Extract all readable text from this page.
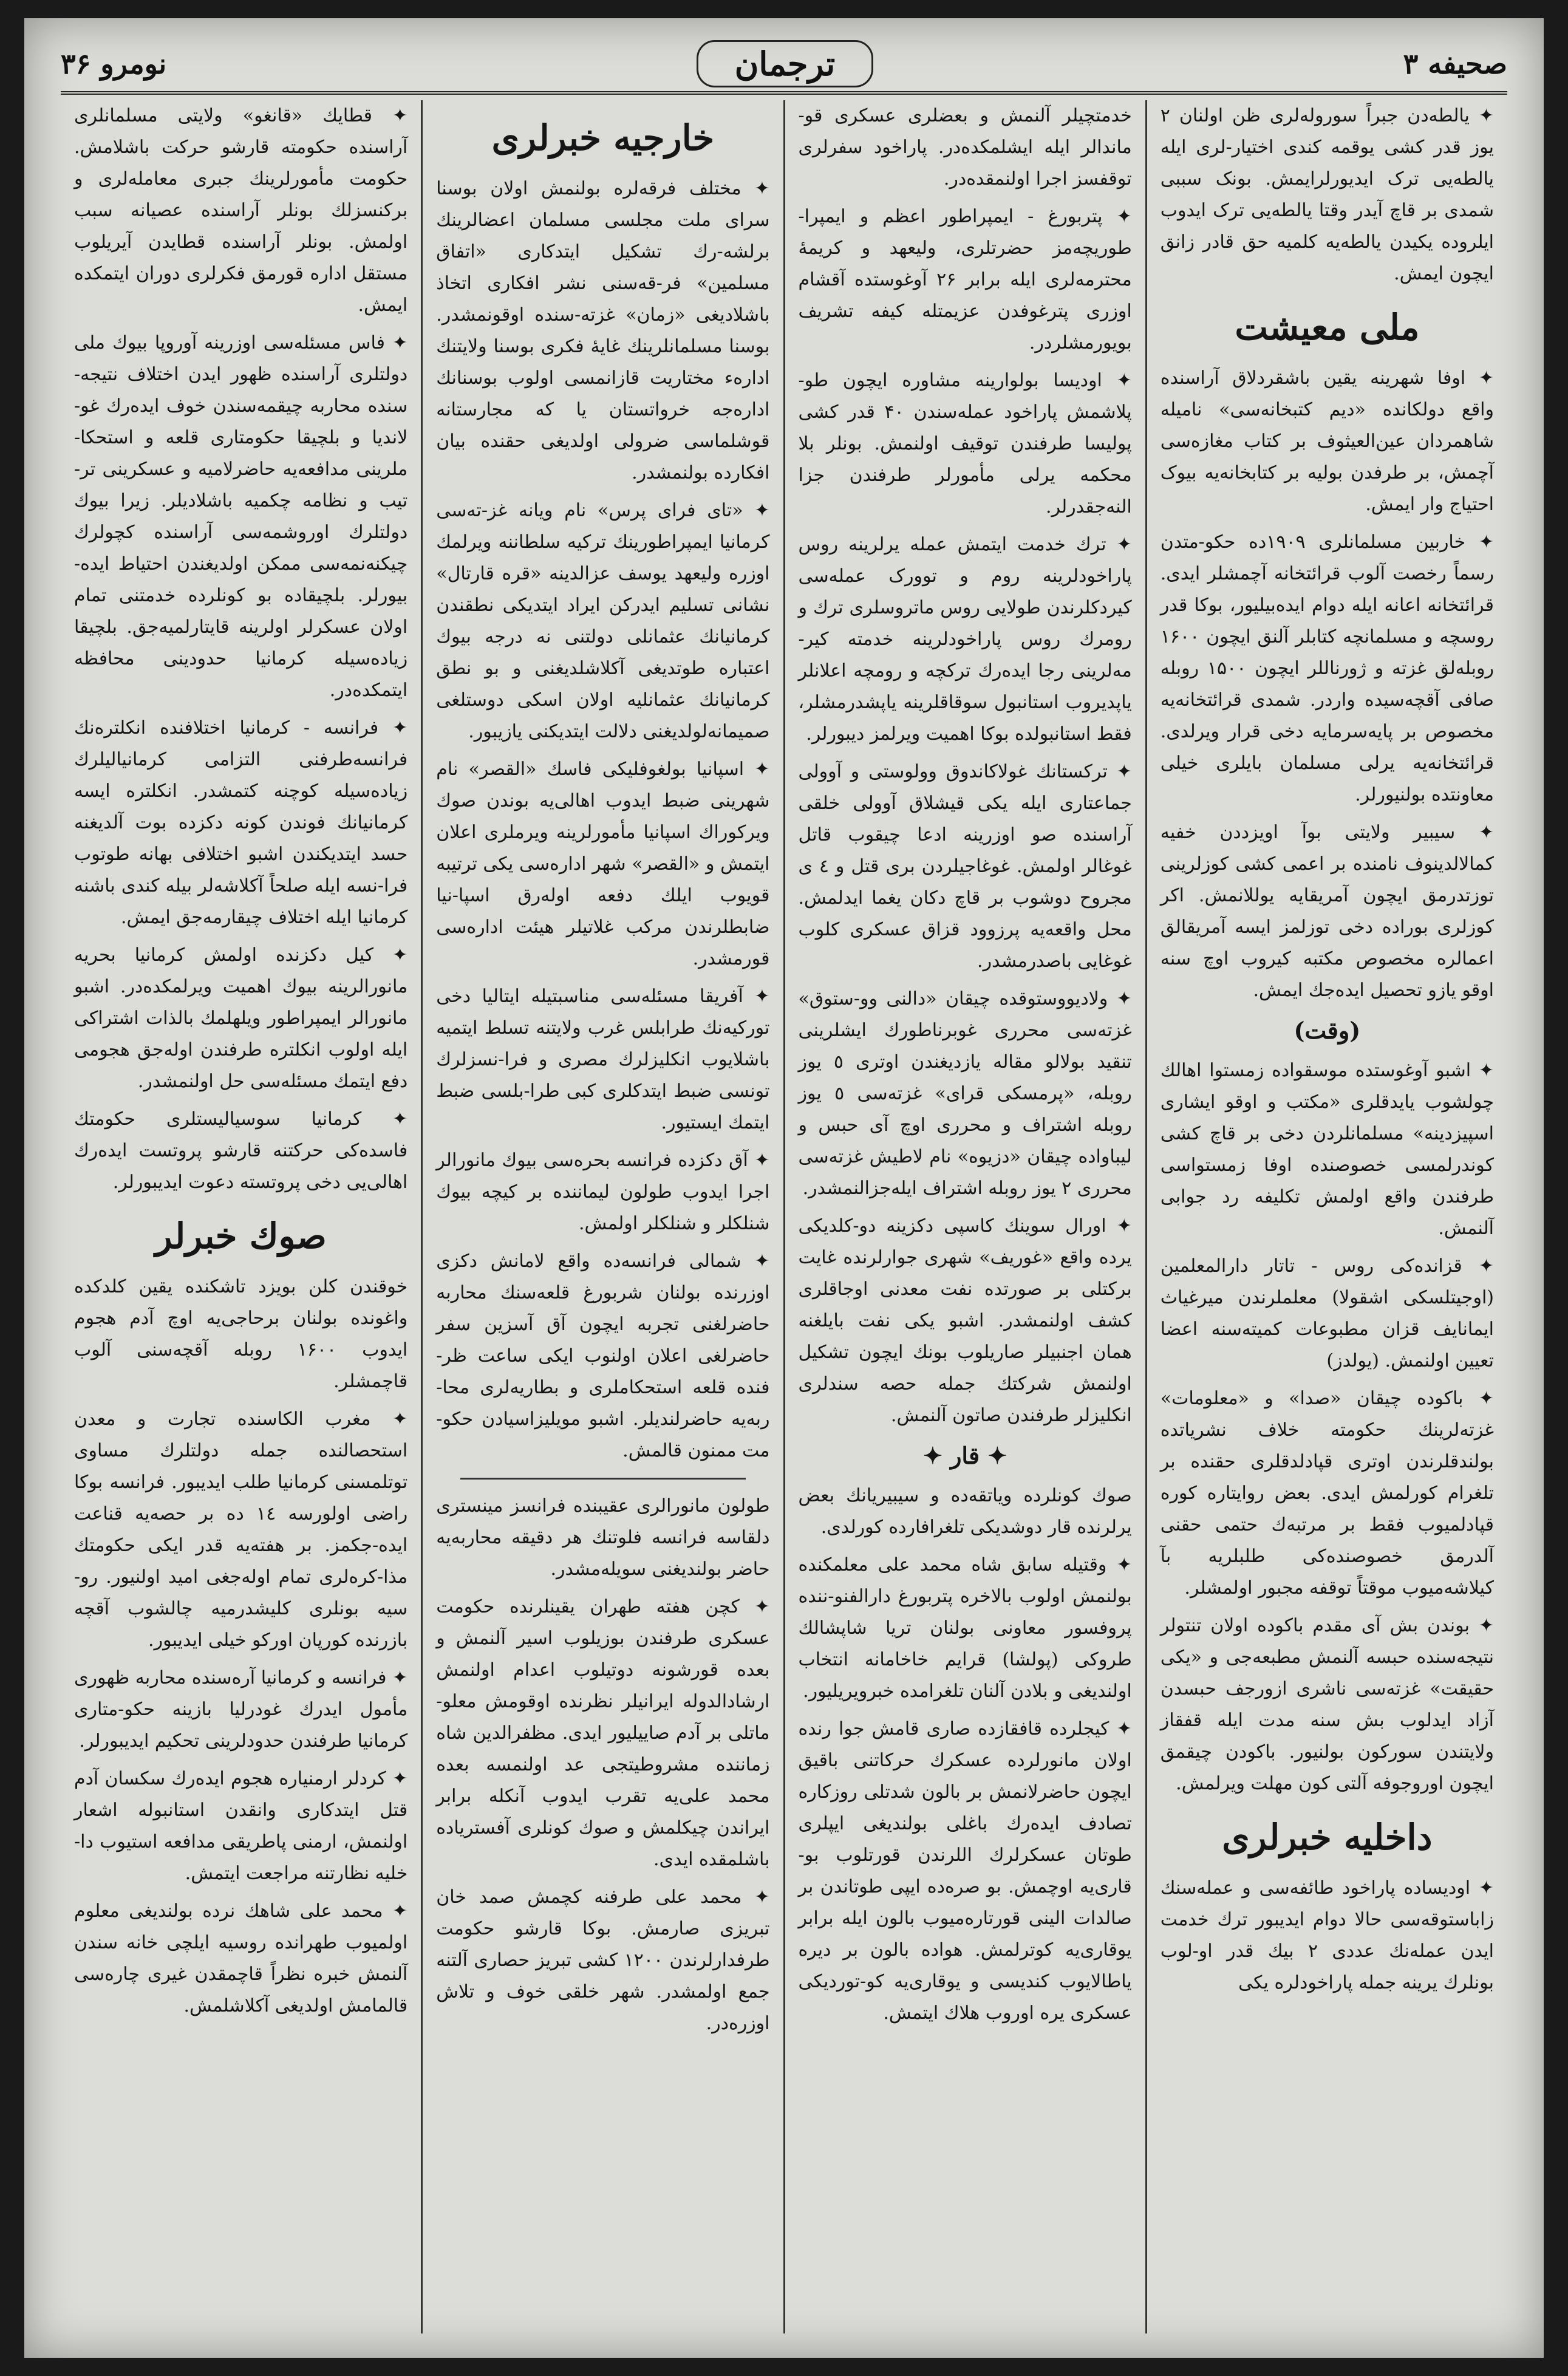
نومرو ۳۶	ترجمان	صحیفه ۳

✦ یالطه‌دن جبراً سورولەلری ظن اولنان ۲ یوز قدر کشی یوقمه کندی اختیار-لری ایله یالطەیی ترک ایدیورلرایمش. بونک سببی شمدی بر قاچ آیدر وقتا یالطەیی ترک ایدوب ایلرودە یکیدن یالطەیه کلمیه حق قادر زانق ایچون ایمش.

ملی معیشت

✦ اوفا شهرینه یقین باشقردلاق آراسنده واقع دولکانده «دیم کتبخانەسی» نامیله شاهمردان عین‌العیثوف بر کتاب مغازەسی آچمش، بر طرفدن بولیه بر کتابخانەیه بیوک احتیاج وار ایمش.

✦ خاربین مسلمانلری ۱۹۰۹ده حکو-متدن رسماً رخصت آلوب قرائتخانه آچمشلر ایدی. قرائتخانه اعانه ایله دوام ایده‌بیلیور، بوکا قدر روسچه و مسلمانچه کتابلر آلنق ایچون ۱۶۰۰ روبله‌لق غزته و ژورناللر ایچون ۱۵۰۰ روبله صافی آقچەسیده واردر. شمدی قرائتخانەیه مخصوص بر پایه‌سرمایه دخی قرار ویرلدی. قرائتخانەیه یرلی مسلمان بایلری خیلی معاونتده بولنیورلر.

✦ سیبیر ولایتی بوآ اویزددن خفیه کمالالدینوف نامنده بر اعمی کشی کوزلرینی توزتدرمق ایچون آمریقایه یوللانمش. اکر کوزلری بورادە دخی توزلمز ایسه آمریقالق اعمالره مخصوص مکتبه کیروب اوچ سنه اوقو یازو تحصیل ایده‌جك ایمش.

(وقت)

✦ اشبو آوغوستده موسقوادە زمستوا اهالك چولشوب یایدقلری «مکتب و اوقو ایشاری اسپیزدینه» مسلمانلردن دخی بر قاچ کشی کوندرلمسی خصوصنده اوفا زمستواسی طرفندن واقع اولمش تکلیفه رد جوابی آلنمش.

✦ قزانده‌کی روس - تاتار دارالمعلمین (اوجیتلسکی اشقولا) معلملرندن میرغیاث ایمانایف قزان مطبوعات کمیتەسنه اعضا تعیین اولنمش. (یولدز)

✦ باکوده چیقان «صدا» و «معلومات» غزتەلرینك حکومته خلاف نشریاتده بولندقلرندن اوتری قپادلدقلری حقنده بر تلغرام کورلمش ایدی. بعض روایتاره کوره قپادلمیوب فقط بر مرتبه‌ك حتمی حقنی آلدرمق خصوصنده‌کی طلبلریه بآ کیلاشه‌میوب موقتاً توقفه مجبور اولمشلر.

✦ بوندن بش آی مقدم باکوده اولان تنتولر نتیجەسنده حبسه آلنمش مطبعه‌جی و «یکی حقیقت» غزتەسی ناشری ازورجف حبسدن آزاد ایدلوب بش سنه مدت ایله قفقاز ولایتندن سورکون بولنیور. باکودن چیقمق ایچون اوروجوفه آلتی کون مهلت ویرلمش.

داخلیه خبرلری

✦ اودیسادە پاراخود طائفەسی و عمله‌سنك زاباستوقەسی حالا دوام ایدیبور ترك خدمت ایدن عمله‌نك عددی ۲ بیك قدر او-لوب بونلرك یرینه جمله پاراخودلره یکی

خدمتچیلر آلنمش و بعضلری عسکری قو-ماندالر ایله ایشلمکده‌در. پاراخود سفرلری توقفسز اجرا اولنمقده‌در.

✦ پتربورغ - ایمپراطور اعظم و ایمپرا-طوریچەمز حضرتلری، ولیعهد و کریمۀ محترمەلری ایله برابر ۲۶ آوغوستده آقشام اوزری پترغوفدن عزیمتله کیفه تشریف بویورمشلردر.

✦ اودیسا بولوارینه مشاوره ایچون طو-پلاشمش پاراخود عمله‌سندن ۴۰ قدر کشی پولیسا طرفندن توقیف اولنمش. بونلر بلا محکمه یرلی مأمورلر طرفندن جزا النه‌جقدرلر.

✦ ترك خدمت ایتمش عمله یرلرینه روس پاراخودلرینه روم و توورک عمله‌سی کیردکلرندن طولایی روس ماتروسلری ترك و رومرك روس پاراخودلرینه خدمته کیر-مەلرینی رجا ایده‌رك ترکچه و رومچه اعلانلر یاپدیروب استانبول سوقاقلرینه یاپشدرمشلر، فقط استانبولده بوکا اهمیت ویرلمز دیبورلر.

✦ ترکستانك غولاکاندوق وولوستی و آوولی جماعتاری ایله یکی قیشلاق آوولی خلقی آراسنده صو اوزرینه ادعا چیقوب قاتل غوغالر اولمش. غوغاجیلردن بری قتل و ٤ ی مجروح دوشوب بر قاچ دکان یغما ایدلمش. محل واقعه‌یه پرزوود قزاق عسکری کلوب غوغایی باصدرمشدر.

✦ ولادیووستوقده چیقان «دالنی وو-ستوق» غزتەسی محرری غوبرناطورك ایشلرینی تنقید بولالو مقاله یازدیغندن اوتری ٥ یوز روبله، «پرمسکی قرای» غزتەسی ٥ یوز روبله اشتراف و محرری اوچ آی حبس و لیباواده چیقان «دزیوه» نام لاطیش غزتەسی محرری ۲ یوز روبله اشتراف ایله‌جزالنمشدر.

✦ اورال سوینك کاسپی دکزینه دو-کلدیکی یرده واقع «غوریف» شهری جوارلرنده غایت برکتلی بر صورتده نفت معدنی اوجاقلری کشف اولنمشدر. اشبو یکی نفت بایلغنه همان اجنبیلر صاریلوب بونك ایچون تشکیل اولنمش شرکتك جمله حصه سندلری انکلیزلر طرفندن صاتون آلنمش.

✦ قار ✦

صوك کونلرده ویاتقەده و سیبیریانك بعض یرلرنده قار دوشدیکی تلغرافارده کورلدی.

✦ وقتیله سابق شاه محمد علی معلمکنده بولنمش اولوب بالاخره پتربورغ دارالفنو-ننده پروفسور معاونی بولنان تریا شاپشالك طروکی (پولشا) قرایم خاخامانه انتخاب اولندیغی و بلادن آلنان تلغرامده خبرویریلیور.

✦ کیجلرده قافقازده صاری قامش جوا رنده اولان مانورلرده عسکرك حرکاتنی باقیق ایچون حاضرلانمش بر بالون شدتلی روزکاره تصادف ایده‌رك باغلی بولندیغی ایپلری طوتان عسکرلرك اللرندن قورتلوب بو-قاری‌یه اوچمش. بو صرەده ایپی طوتاندن بر صالدات الینی قورتارەمیوب بالون ایله برابر یوقاری‌یه کوترلمش. هواده بالون بر دیره یاطالایوب کندیسی و یوقاری‌یه کو-توردیکی عسکری یره اوروب هلاك ایتمش.

خارجیه خبرلری

✦ مختلف فرقەلره بولنمش اولان بوسنا سرای ملت مجلسی مسلمان اعضالرینك برلشه-رك تشکیل ایتدکاری «اتفاق مسلمین» فر-قەسنی نشر افکاری اتخاذ باشلادیغی «زمان» غزتە-سنده اوقونمشدر. بوسنا مسلمانلرینك غایۀ فکری بوسنا ولایتنك اداره‌ء مختاریت قازانمسی اولوب بوسنانك اداره‌جه خرواتستان یا که مجارستانه قوشلماسی ضرولی اولدیغی حقنده بیان افکارده بولنمشدر.

✦ «تای فرای پرس» نام ویانه غز-تەسی کرمانیا ایمپراطورینك ترکیه سلطاننه ویرلمك اوزره ولیعهد یوسف عزالدینه «قره قارتال» نشانی تسلیم ایدرکن ایراد ایتدیکی نطقندن کرمانیانك عثمانلی دولتنی نه درجه بیوك اعتباره طوتدیغی آکلاشلدیغنی و بو نطق کرمانیانك عثمانلیه اولان اسکی دوستلغی صمیمانه‌لولدیغنی دلالت ایتدیکنی یازیبور.

✦ اسپانیا بولغوفلیکی فاسك «القصر» نام شهرینی ضبط ایدوب اهالی‌یه بوندن صوك ویرکوراك اسپانیا مأمورلرینه ویرملری اعلان ایتمش و «القصر» شهر ادارەسی یکی ترتیبه قویوب ایلك دفعه اولەرق اسپا-نیا ضابطلرندن مرکب غلاتیلر هیئت ادارەسی قورمشدر.

✦ آفریقا مسئلەسی مناسبتیله ایتالیا دخی توركیه‌نك طرابلس غرب ولایتنه تسلط ایتمیه باشلایوب انکلیزلرك مصری و فرا-نسزلرك تونسی ضبط ایتدکلری کبی طرا-بلسی ضبط ایتمك ایستیور.

✦ آق دکزده فرانسه بحرەسی بیوك مانورالر اجرا ایدوب طولون لیماننده بر کیچه بیوك شنلکلر و شنلکلر اولمش.

✦ شمالی فرانسه‌ده واقع لامانش دکزی اوزرنده بولنان شربورغ قلعەسنك محاربه حاضرلغنی تجربه ایچون آق آسزین سفر حاضرلغی اعلان اولنوب ایکی ساعت ظر-فنده قلعه استحکاملری و بطاریه‌لری محا-ربه‌یه حاضرلندیلر. اشبو مویلیزاسیادن حکو-مت ممنون قالمش.

طولون مانورالری عقیبنده فرانسز مینستری دلقاسه فرانسه فلوتنك هر دقیقه محاربه‌یه حاضر بولندیغنی سویله‌مشدر.

✦ کچن هفته طهران یقینلرنده حکومت عسکری طرفندن بوزیلوب اسیر آلنمش و بعده قورشونه دوتیلوب اعدام اولنمش ارشادالدوله ایرانیلر نظرنده اوقومش معلو-ماتلی بر آدم صاییلیور ایدی. مظفرالدین شاه زماننده مشروطیتجی عد اولنمسه بعده محمد علی‌یه تقرب ایدوب آنکله برابر ایراندن چیکلمش و صوك کونلری آفسترياده باشلمقده ایدی.

✦ محمد علی طرفنه کچمش صمد خان تبریزی صارمش. بوکا قارشو حکومت طرفدارلرندن ۱۲۰۰ کشی تبریز حصاری آلتنه جمع اولمشدر. شهر خلقی خوف و تلاش اوزره‌در.

✦ قطایك «قانغو» ولایتی مسلمانلری آراسنده حکومته قارشو حرکت باشلامش. حکومت مأمورلرینك جبری معاملەلری و برکنسزلك بونلر آراسنده عصیانه سبب اولمش. بونلر آراسنده قطایدن آیریلوب مستقل اداره قورمق فکرلری دوران ایتمکده ایمش.

✦ فاس مسئلەسی اوزرینه آوروپا بیوك ملی دولتلری آراسنده ظهور ایدن اختلاف نتیجه-سنده محاربه چیقمەسندن خوف ایده‌رك غو-لاندیا و بلچیقا حکومتاری قلعه و استحکا-ملرینی مدافعه‌یه حاضرلامیه و عسکرینی تر-تیب و نظامه چکمیه باشلادیلر. زیرا بیوك دولتلرك اوروشمەسی آراسنده کچولرك چیکنه‌نمەسی ممکن اولدیغندن احتیاط ایده-بیورلر. بلچیقاده بو کونلرده خدمتنی تمام اولان عسکرلر اولرینه قایتارلمیه‌جق. بلچیقا زیاده‌سیله کرمانیا حدودینی محافظه ایتمکده‌در.

✦ فرانسه - کرمانیا اختلافنده انکلتره‌نك فرانسه‌طرفنی التزامی کرمانیالیلرك زیاده‌سیله کوچنه کتمشدر. انکلتره ایسه کرمانیانك فوندن کونه دکزده بوت آلدیغنه حسد ایتدیکندن اشبو اختلافی بهانه طوتوب فرا-نسه ایله صلحاً آکلاشەلر بیله کندی باشنه کرمانیا ایله اختلاف چیقارمەجق ایمش.

✦ کیل دکزنده اولمش کرمانیا بحریه مانورالرینه بیوك اهمیت ویرلمکده‌در. اشبو مانورالر ایمپراطور ویلهلمك بالذات اشتراکی ایله اولوب انکلتره طرفندن اوله‌جق هجومی دفع ایتمك مسئلەسی حل اولنمشدر.

✦ کرمانیا سوسیالیستلری حکومتك فاسده‌کی حرکتنه قارشو پروتست ایده‌رك اهالی‌یی دخی پروتسته دعوت ایدیبورلر.

صوك خبرلر

خوقندن کلن بویزد تاشکنده یقین کلدکده واغونده بولنان برحاجی‌یه اوچ آدم هجوم ایدوب ۱۶۰۰ روبله آقچەسنی آلوب قاچمشلر.

✦ مغرب الکاسنده تجارت و معدن استحصالنده جمله دولتلرك مساوی توتلمسنی کرمانیا طلب ایدیبور. فرانسه بوکا راضی اولورسه ۱٤ دە بر حصه‌یه قناعت ایده-جکمز. بر هفته‌یه قدر ایکی حکومتك مذا-کره‌لری تمام اوله‌جغی امید اولنیور. رو-سیه بونلری کلیشدرمیه چالشوب آقچه بازرنده کورپان اورکو خیلی ایدیبور.

✦ فرانسه و کرمانیا آرەسنده محاربه ظهوری مأمول ایدرك غودرلیا بازینه حکو-متاری کرمانیا طرفندن حدودلرینی تحکیم ایدیبورلر.

✦ کردلر ارمنیاره هجوم ایده‌رك سکسان آدم قتل ایتدکاری وانقدن استانبوله اشعار اولنمش، ارمنی پاطریقی مدافعه استیوب دا-خلیه نظارتنه مراجعت ایتمش.

✦ محمد علی شاهك نرده بولندیغی معلوم اولمیوب طهرانده روسیه ایلچی خانه سندن آلنمش خبره نظراً قاچمقدن غیری چاره‌سی قالمامش اولدیغی آکلاشلمش.
